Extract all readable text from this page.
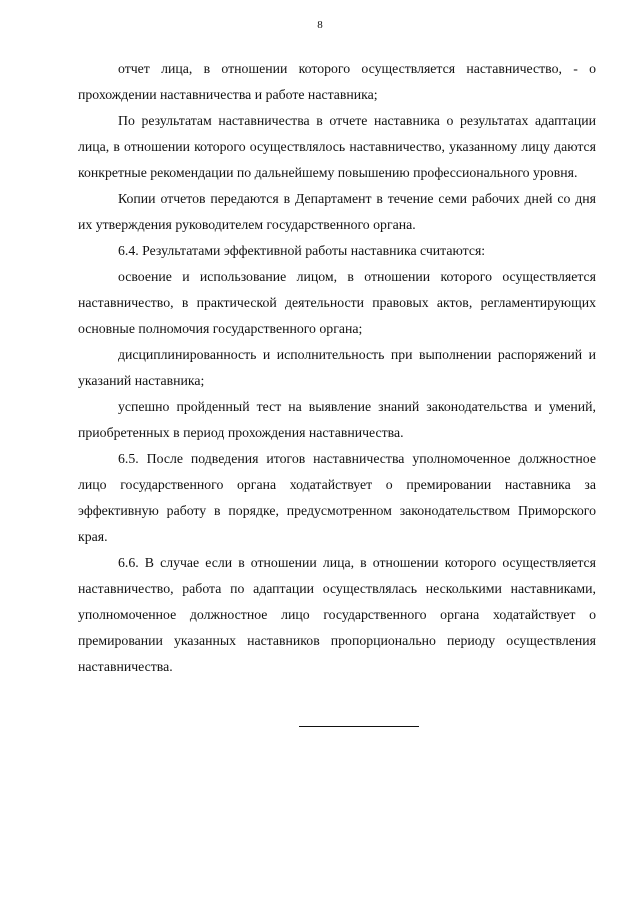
8

отчет лица, в отношении которого осуществляется наставничество, - о прохождении наставничества и работе наставника;

По результатам наставничества в отчете наставника о результатах адаптации лица, в отношении которого осуществлялось наставничество, указанному лицу даются конкретные рекомендации по дальнейшему повышению профессионального уровня.

Копии отчетов передаются в Департамент в течение семи рабочих дней со дня их утверждения руководителем государственного органа.

6.4. Результатами эффективной работы наставника считаются:

освоение и использование лицом, в отношении которого осуществляется наставничество, в практической деятельности правовых актов, регламентирующих основные полномочия государственного органа;

дисциплинированность и исполнительность при выполнении распоряжений и указаний наставника;

успешно пройденный тест на выявление знаний законодательства и умений, приобретенных в период прохождения наставничества.

6.5. После подведения итогов наставничества уполномоченное должностное лицо государственного органа ходатайствует о премировании наставника за эффективную работу в порядке, предусмотренном законодательством Приморского края.

6.6. В случае если в отношении лица, в отношении которого осуществляется наставничество, работа по адаптации осуществлялась несколькими наставниками, уполномоченное должностное лицо государственного органа ходатайствует о премировании указанных наставников пропорционально периоду осуществления наставничества.
